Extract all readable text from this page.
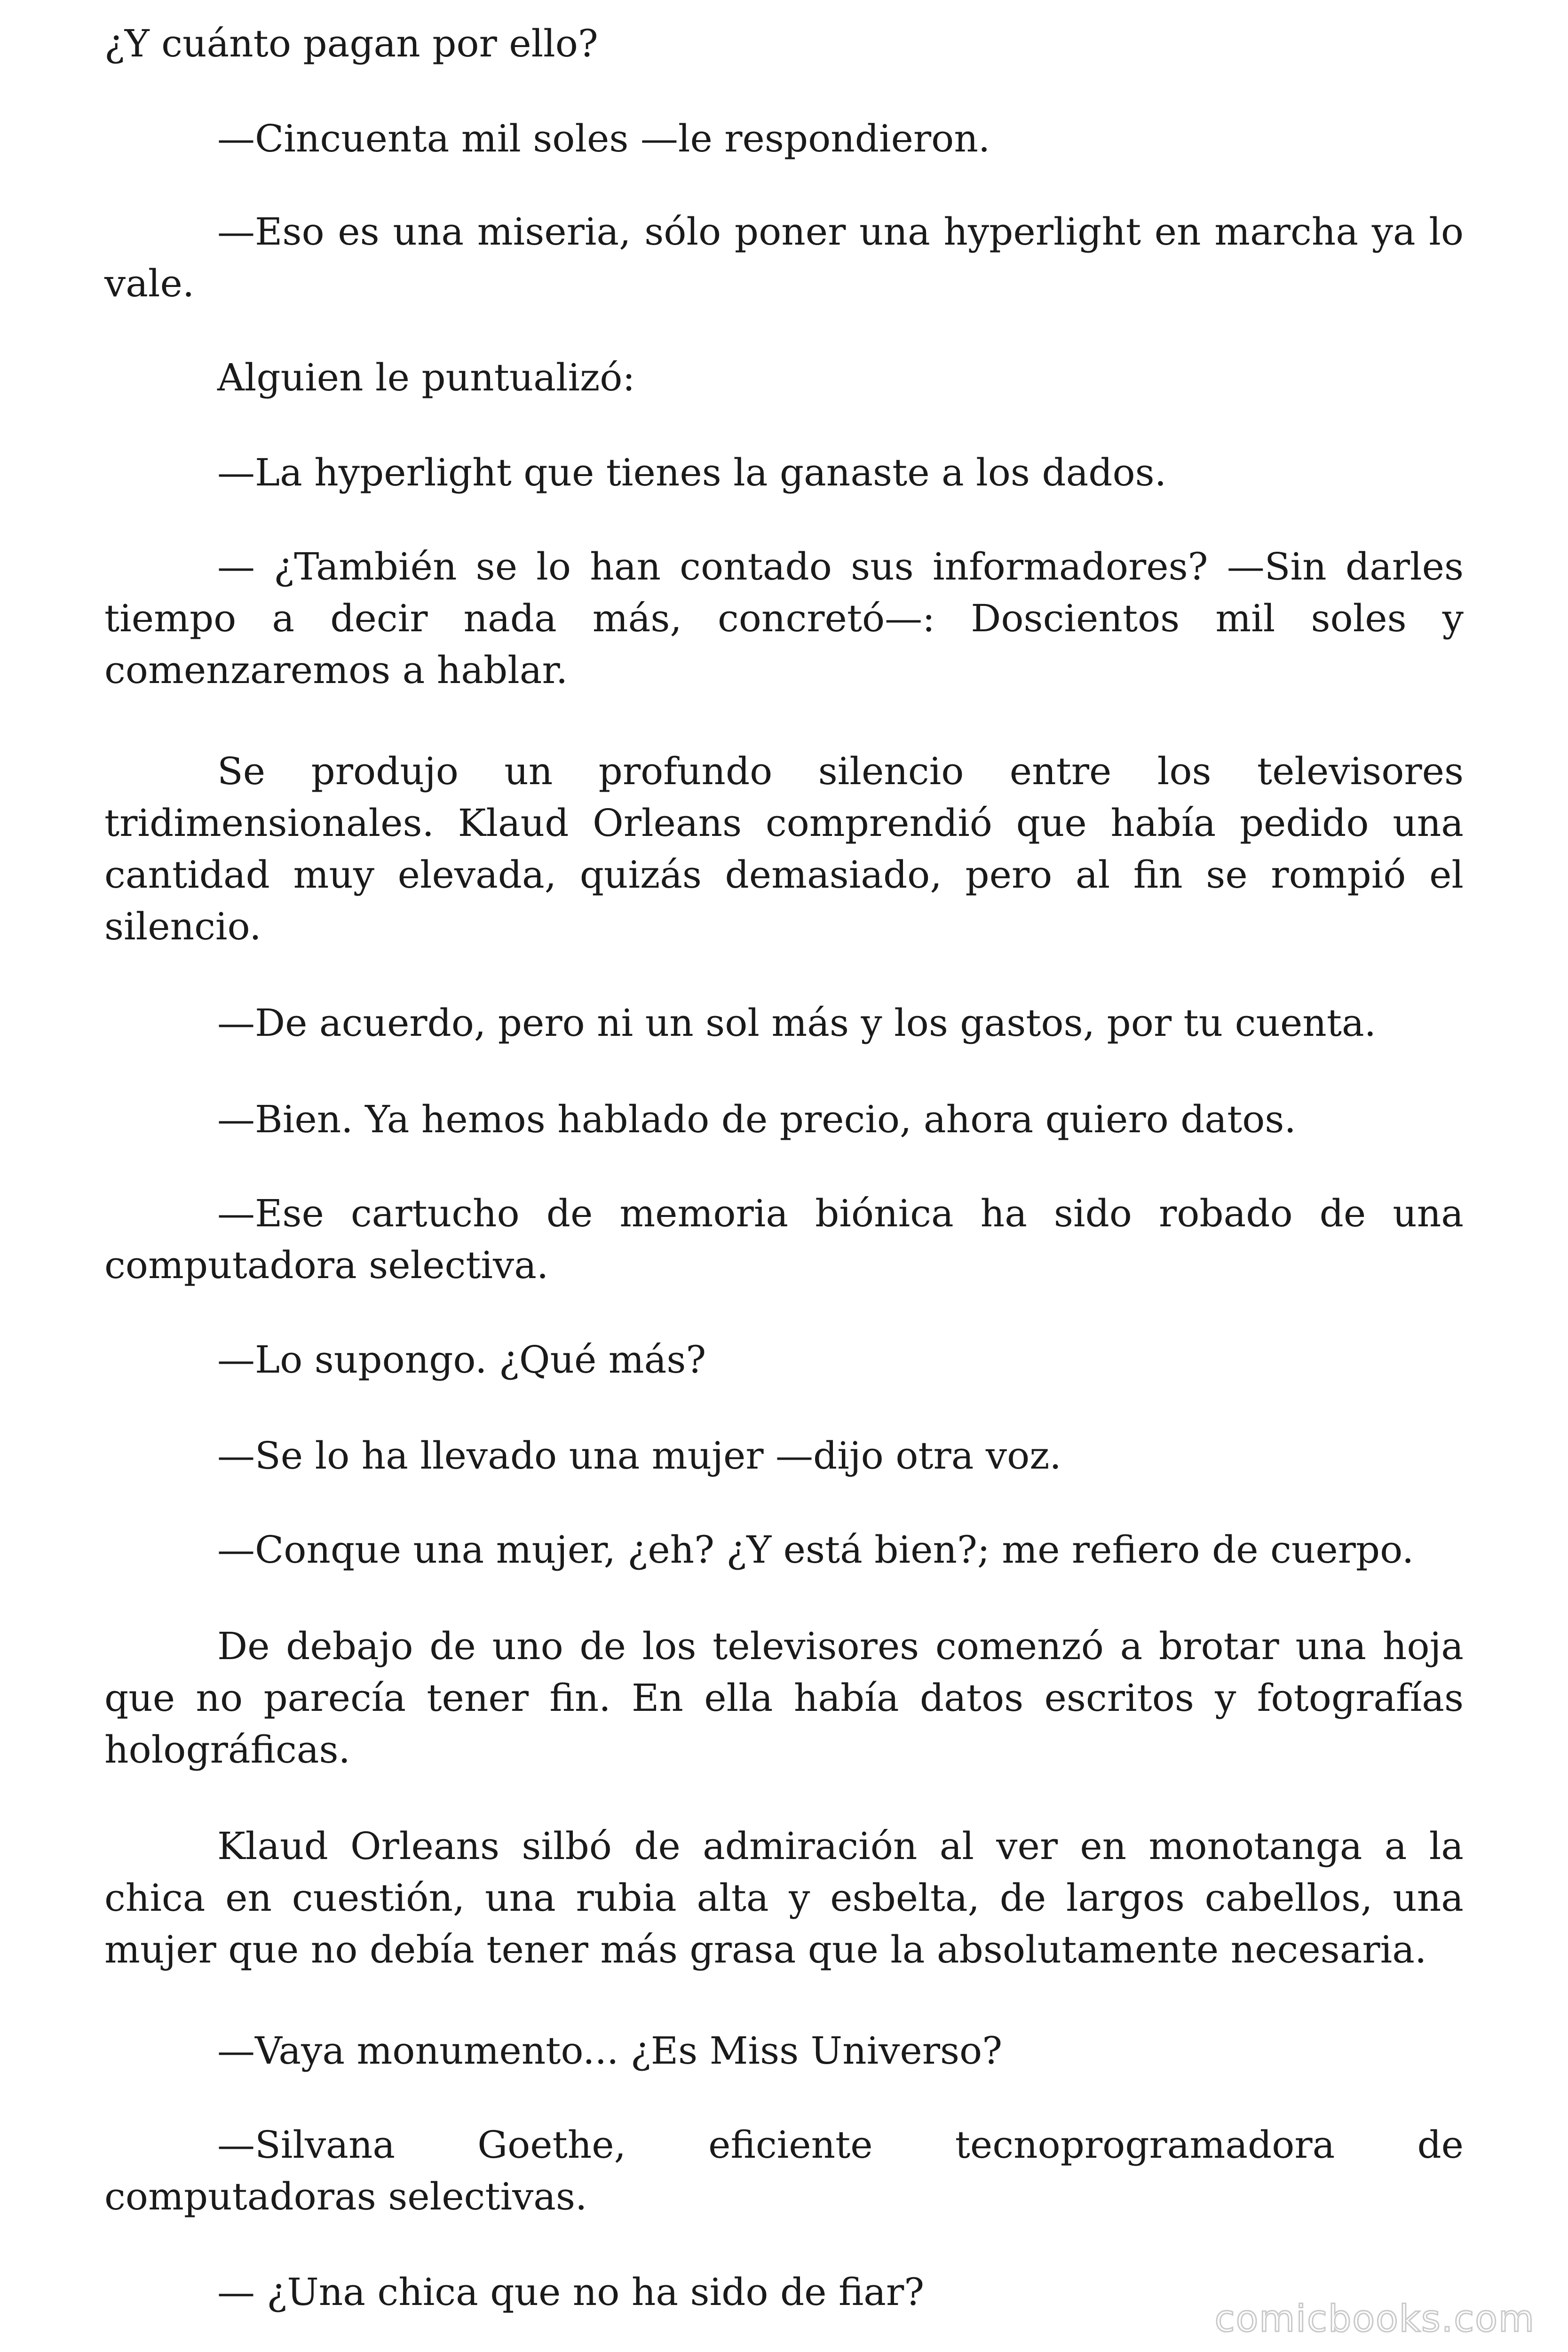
¿Y cuánto pagan por ello?

—Cincuenta mil soles —le respondieron.

—Eso es una miseria, sólo poner una hyperlight en marcha ya lo vale.

Alguien le puntualizó:

—La hyperlight que tienes la ganaste a los dados.

— ¿También se lo han contado sus informadores? —Sin darles tiempo a decir nada más, concretó—: Doscientos mil soles y comenzaremos a hablar.

Se produjo un profundo silencio entre los televisores tridimensionales. Klaud Orleans comprendió que había pedido una cantidad muy elevada, quizás demasiado, pero al fin se rompió el silencio.

—De acuerdo, pero ni un sol más y los gastos, por tu cuenta.

—Bien. Ya hemos hablado de precio, ahora quiero datos.

—Ese cartucho de memoria biónica ha sido robado de una computadora selectiva.

—Lo supongo. ¿Qué más?

—Se lo ha llevado una mujer —dijo otra voz.

—Conque una mujer, ¿eh? ¿Y está bien?; me refiero de cuerpo.

De debajo de uno de los televisores comenzó a brotar una hoja que no parecía tener fin. En ella había datos escritos y fotografías holográficas.

Klaud Orleans silbó de admiración al ver en monotanga a la chica en cuestión, una rubia alta y esbelta, de largos cabellos, una mujer que no debía tener más grasa que la absolutamente necesaria.

—Vaya monumento... ¿Es Miss Universo?

—Silvana Goethe, eficiente tecnoprogramadora de computadoras selectivas.

— ¿Una chica que no ha sido de fiar?

comicbooks.com
